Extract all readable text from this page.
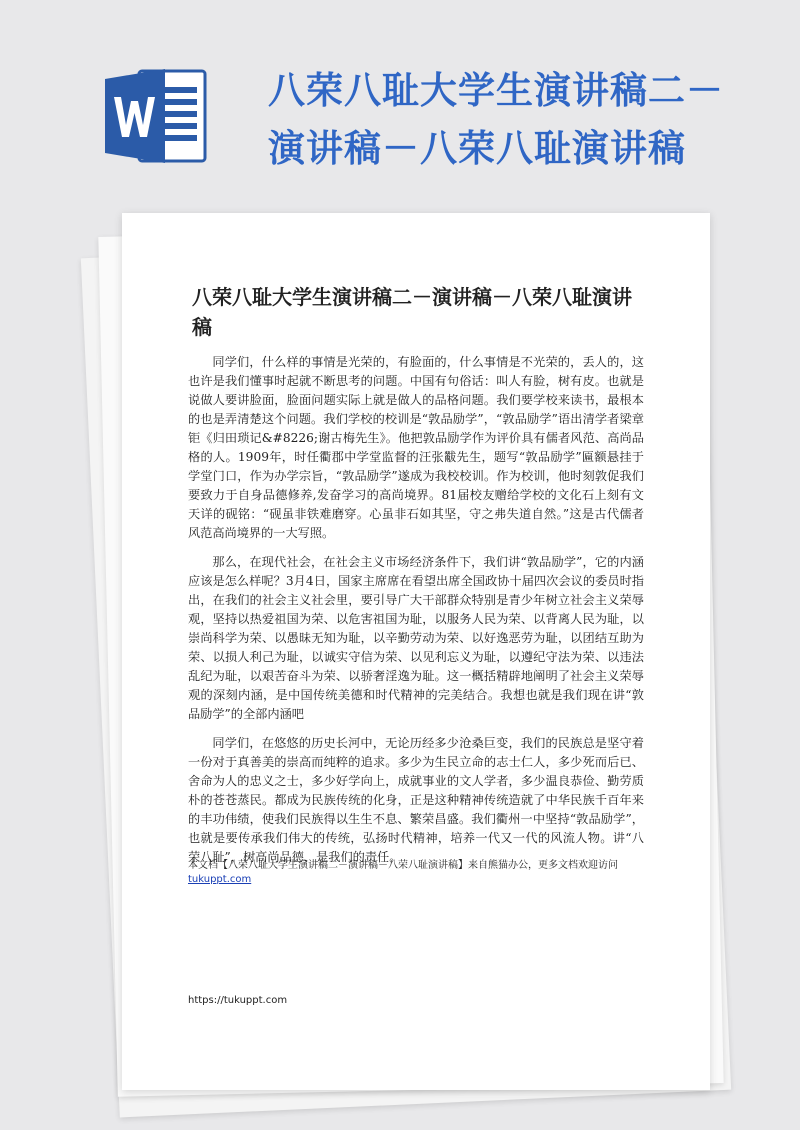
八荣八耻大学生演讲稿二－演讲稿－八荣八耻演讲稿
八荣八耻大学生演讲稿二－演讲稿－八荣八耻演讲稿

同学们，什么样的事情是光荣的，有脸面的，什么事情是不光荣的，丢人的，这也许是我们懂事时起就不断思考的问题。中国有句俗话：叫人有脸，树有皮。也就是说做人要讲脸面，脸面问题实际上就是做人的品格问题。我们要学校来读书，最根本的也是弄清楚这个问题。我们学校的校训是“敦品励学”，“敦品励学”语出清学者梁章钜《归田琐记&#8226;谢古梅先生》。他把敦品励学作为评价具有儒者风范、高尚品格的人。1909年，时任衢郡中学堂监督的汪张黻先生，题写“敦品励学”匾额悬挂于学堂门口，作为办学宗旨，“敦品励学”遂成为我校校训。作为校训，他时刻敦促我们要致力于自身品德修养,发奋学习的高尚境界。81届校友赠给学校的文化石上刻有文天详的砚铭：“砚虽非铁难磨穿。心虽非石如其坚，守之弗失道自然。”这是古代儒者风范高尚境界的一大写照。

那么，在现代社会，在社会主义市场经济条件下，我们讲“敦品励学”，它的内涵应该是怎么样呢？3月4日，国家主席席在看望出席全国政协十届四次会议的委员时指出，在我们的社会主义社会里，要引导广大干部群众特别是青少年树立社会主义荣辱观，坚持以热爱祖国为荣、以危害祖国为耻，以服务人民为荣、以背离人民为耻，以崇尚科学为荣、以愚昧无知为耻，以辛勤劳动为荣、以好逸恶劳为耻，以团结互助为荣、以损人利己为耻，以诚实守信为荣、以见利忘义为耻，以遵纪守法为荣、以违法乱纪为耻，以艰苦奋斗为荣、以骄奢淫逸为耻。这一概括精辟地阐明了社会主义荣辱观的深刻内涵，是中国传统美德和时代精神的完美结合。我想也就是我们现在讲“敦品励学”的全部内涵吧

同学们，在悠悠的历史长河中，无论历经多少沧桑巨变，我们的民族总是坚守着一份对于真善美的崇高而纯粹的追求。多少为生民立命的志士仁人，多少死而后已、舍命为人的忠义之士，多少好学向上，成就事业的文人学者，多少温良恭俭、勤劳质朴的苍苍蒸民。都成为民族传统的化身，正是这种精神传统造就了中华民族千百年来的丰功伟绩，使我们民族得以生生不息、繁荣昌盛。我们衢州一中坚持“敦品励学”，也就是要传承我们伟大的传统，弘扬时代精神，培养一代又一代的风流人物。讲“八荣八耻”，树高尚品德，是我们的责任。

本文档【八荣八耻大学生演讲稿二－演讲稿－八荣八耻演讲稿】来自熊猫办公，更多文档欢迎访问
tukuppt.com
https://tukuppt.com
